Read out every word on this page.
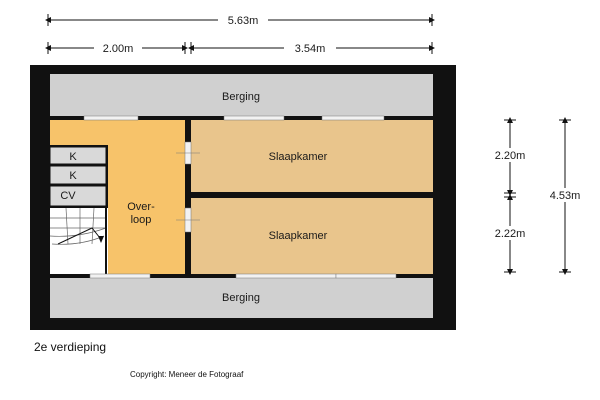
5.63m
2.00m	3.54m
2.20m
2.22m
4.53m
Berging
Berging
Over-
loop
K
K
CV
Slaapkamer
Slaapkamer
2e verdieping
Copyright: Meneer de Fotograaf
